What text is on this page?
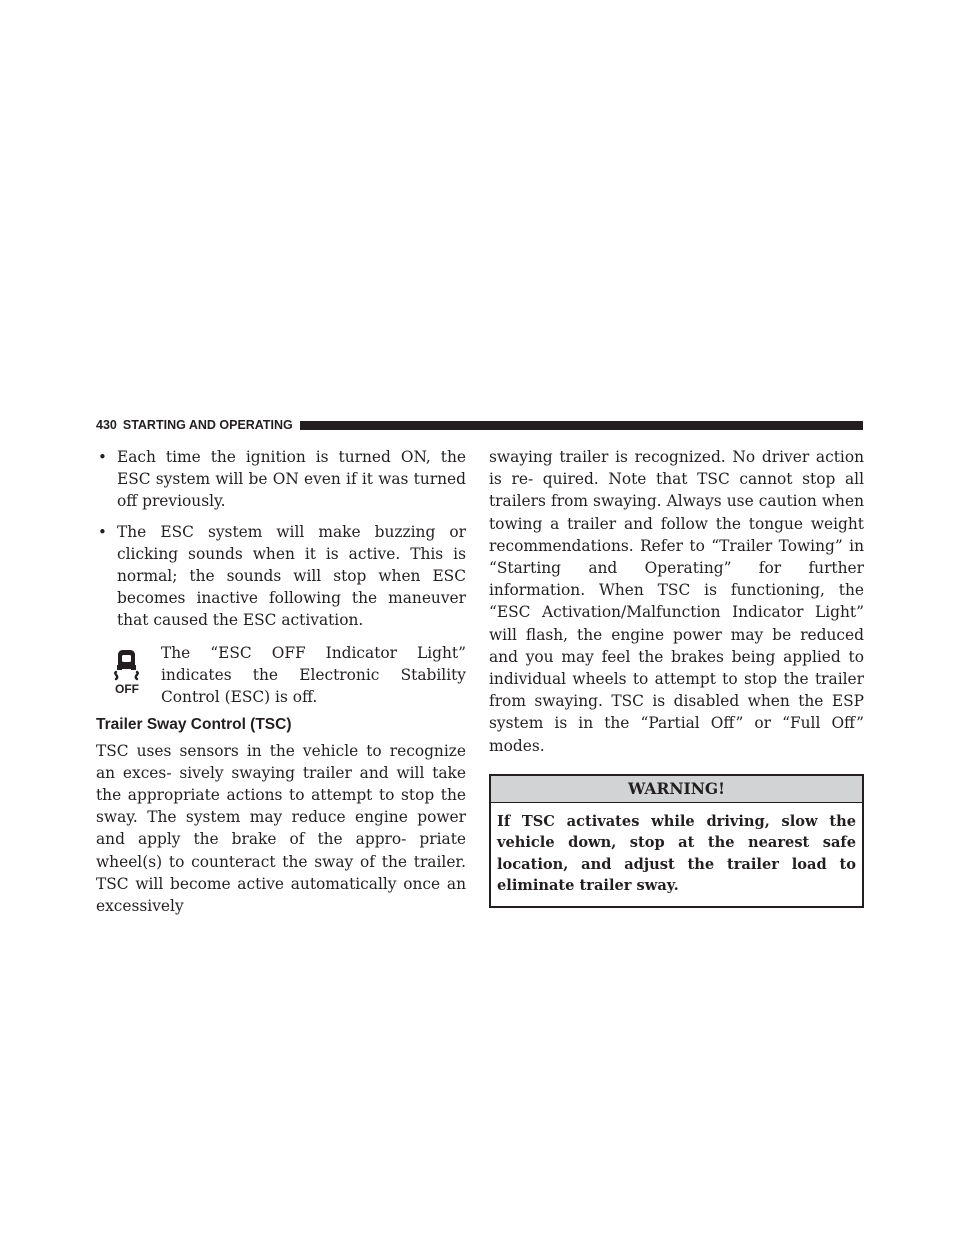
430 STARTING AND OPERATING
• Each time the ignition is turned ON, the ESC system will be ON even if it was turned off previously.

• The ESC system will make buzzing or clicking sounds when it is active. This is normal; the sounds will stop when ESC becomes inactive following the maneuver that caused the ESC activation.

OFF

The “ESC OFF Indicator Light” indicates the Electronic Stability Control (ESC) is off.

Trailer Sway Control (TSC)

TSC uses sensors in the vehicle to recognize an exces- sively swaying trailer and will take the appropriate actions to attempt to stop the sway. The system may reduce engine power and apply the brake of the appro- priate wheel(s) to counteract the sway of the trailer. TSC will become active automatically once an excessively

swaying trailer is recognized. No driver action is re- quired. Note that TSC cannot stop all trailers from swaying. Always use caution when towing a trailer and follow the tongue weight recommendations. Refer to “Trailer Towing” in “Starting and Operating” for further information. When TSC is functioning, the “ESC Activation/Malfunction Indicator Light” will flash, the engine power may be reduced and you may feel the brakes being applied to individual wheels to attempt to stop the trailer from swaying. TSC is disabled when the ESP system is in the “Partial Off” or “Full Off” modes.

WARNING!
If TSC activates while driving, slow the vehicle down, stop at the nearest safe location, and adjust the trailer load to eliminate trailer sway.
